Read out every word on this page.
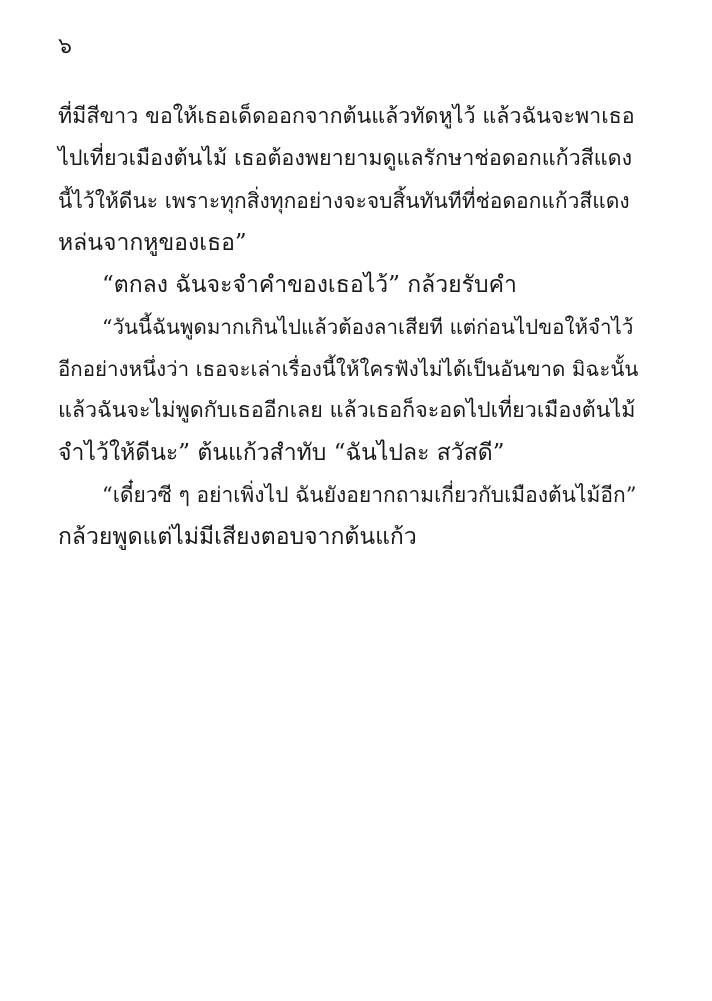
๖
ที่มีสีขาว ขอให้เธอเด็ดออกจากต้นแล้วทัดหูไว้ แล้วฉันจะพาเธอ
ไปเที่ยวเมืองต้นไม้ เธอต้องพยายามดูแลรักษาช่อดอกแก้วสีแดง
นี้ไว้ให้ดีนะ เพราะทุกสิ่งทุกอย่างจะจบสิ้นทันทีที่ช่อดอกแก้วสีแดง
หล่นจากหูของเธอ”
“ตกลง ฉันจะจำคำของเธอไว้” กล้วยรับคำ
“วันนี้ฉันพูดมากเกินไปแล้วต้องลาเสียที แต่ก่อนไปขอให้จำไว้
อีกอย่างหนึ่งว่า เธอจะเล่าเรื่องนี้ให้ใครฟังไม่ได้เป็นอันขาด มิฉะนั้น
แล้วฉันจะไม่พูดกับเธออีกเลย แล้วเธอก็จะอดไปเที่ยวเมืองต้นไม้
จำไว้ให้ดีนะ” ต้นแก้วสำทับ “ฉันไปละ สวัสดี”
“เดี๋ยวซี ๆ อย่าเพิ่งไป ฉันยังอยากถามเกี่ยวกับเมืองต้นไม้อีก”
กล้วยพูดแต่ไม่มีเสียงตอบจากต้นแก้ว
